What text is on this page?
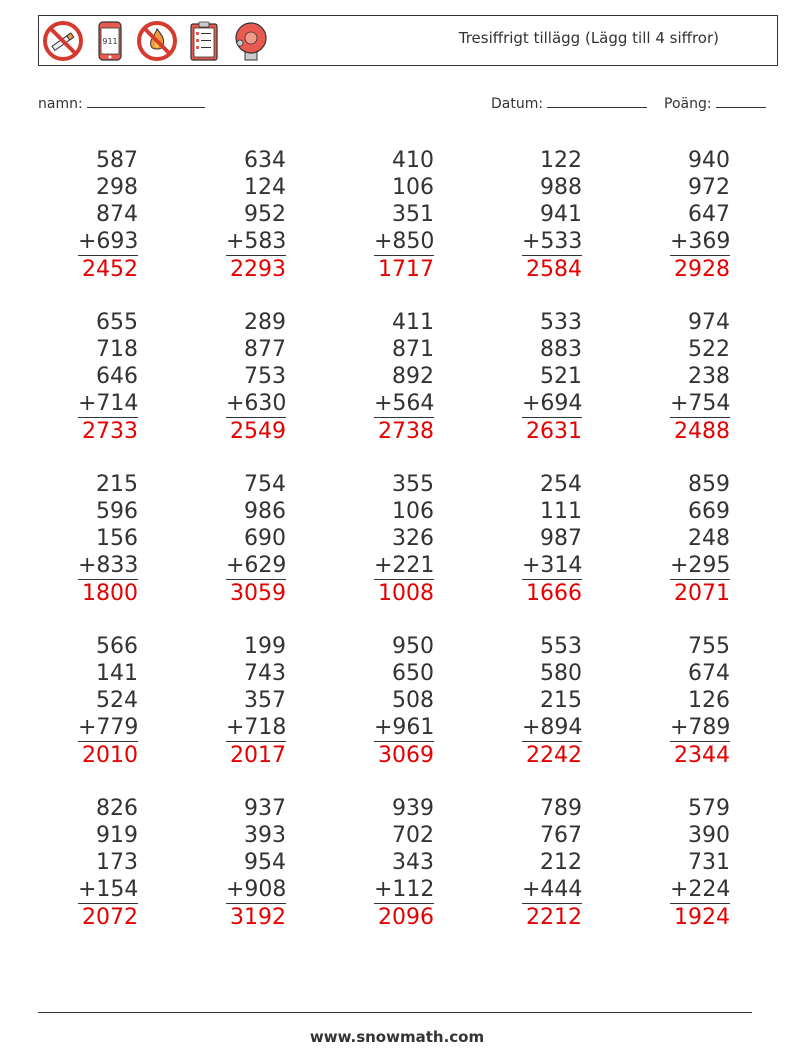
911	Tresiffrigt tillägg (Lägg till 4 siffror)
namn:	Datum:	Poäng:
587
298
874
+693
2452
634
124
952
+583
2293
410
106
351
+850
1717
122
988
941
+533
2584
940
972
647
+369
2928
655
718
646
+714
2733
289
877
753
+630
2549
411
871
892
+564
2738
533
883
521
+694
2631
974
522
238
+754
2488
215
596
156
+833
1800
754
986
690
+629
3059
355
106
326
+221
1008
254
111
987
+314
1666
859
669
248
+295
2071
566
141
524
+779
2010
199
743
357
+718
2017
950
650
508
+961
3069
553
580
215
+894
2242
755
674
126
+789
2344
826
919
173
+154
2072
937
393
954
+908
3192
939
702
343
+112
2096
789
767
212
+444
2212
579
390
731
+224
1924
www.snowmath.com
